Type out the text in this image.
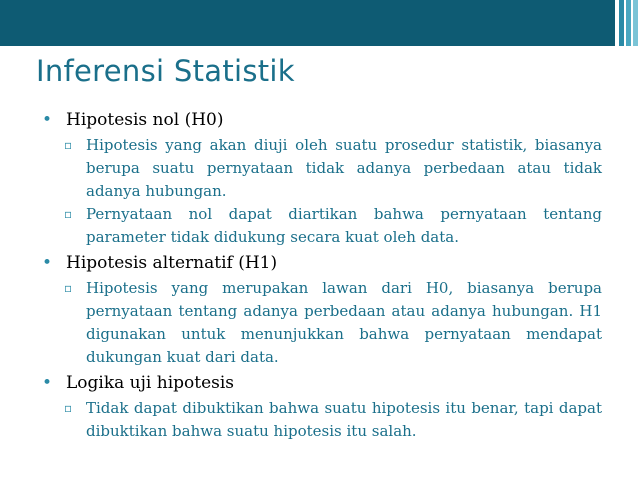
Inferensi Statistik

• Hipotesis nol (H0)

▫ Hipotesis yang akan diuji oleh suatu prosedur statistik, biasanya berupa suatu pernyataan tidak adanya perbedaan atau tidak adanya hubungan.

▫ Pernyataan nol dapat diartikan bahwa pernyataan tentang parameter tidak didukung secara kuat oleh data.

• Hipotesis alternatif (H1)

▫ Hipotesis yang merupakan lawan dari H0, biasanya berupa pernyataan tentang adanya perbedaan atau adanya hubungan. H1 digunakan untuk menunjukkan bahwa pernyataan mendapat dukungan kuat dari data.

• Logika uji hipotesis

▫ Tidak dapat dibuktikan bahwa suatu hipotesis itu benar, tapi dapat dibuktikan bahwa suatu hipotesis itu salah.
